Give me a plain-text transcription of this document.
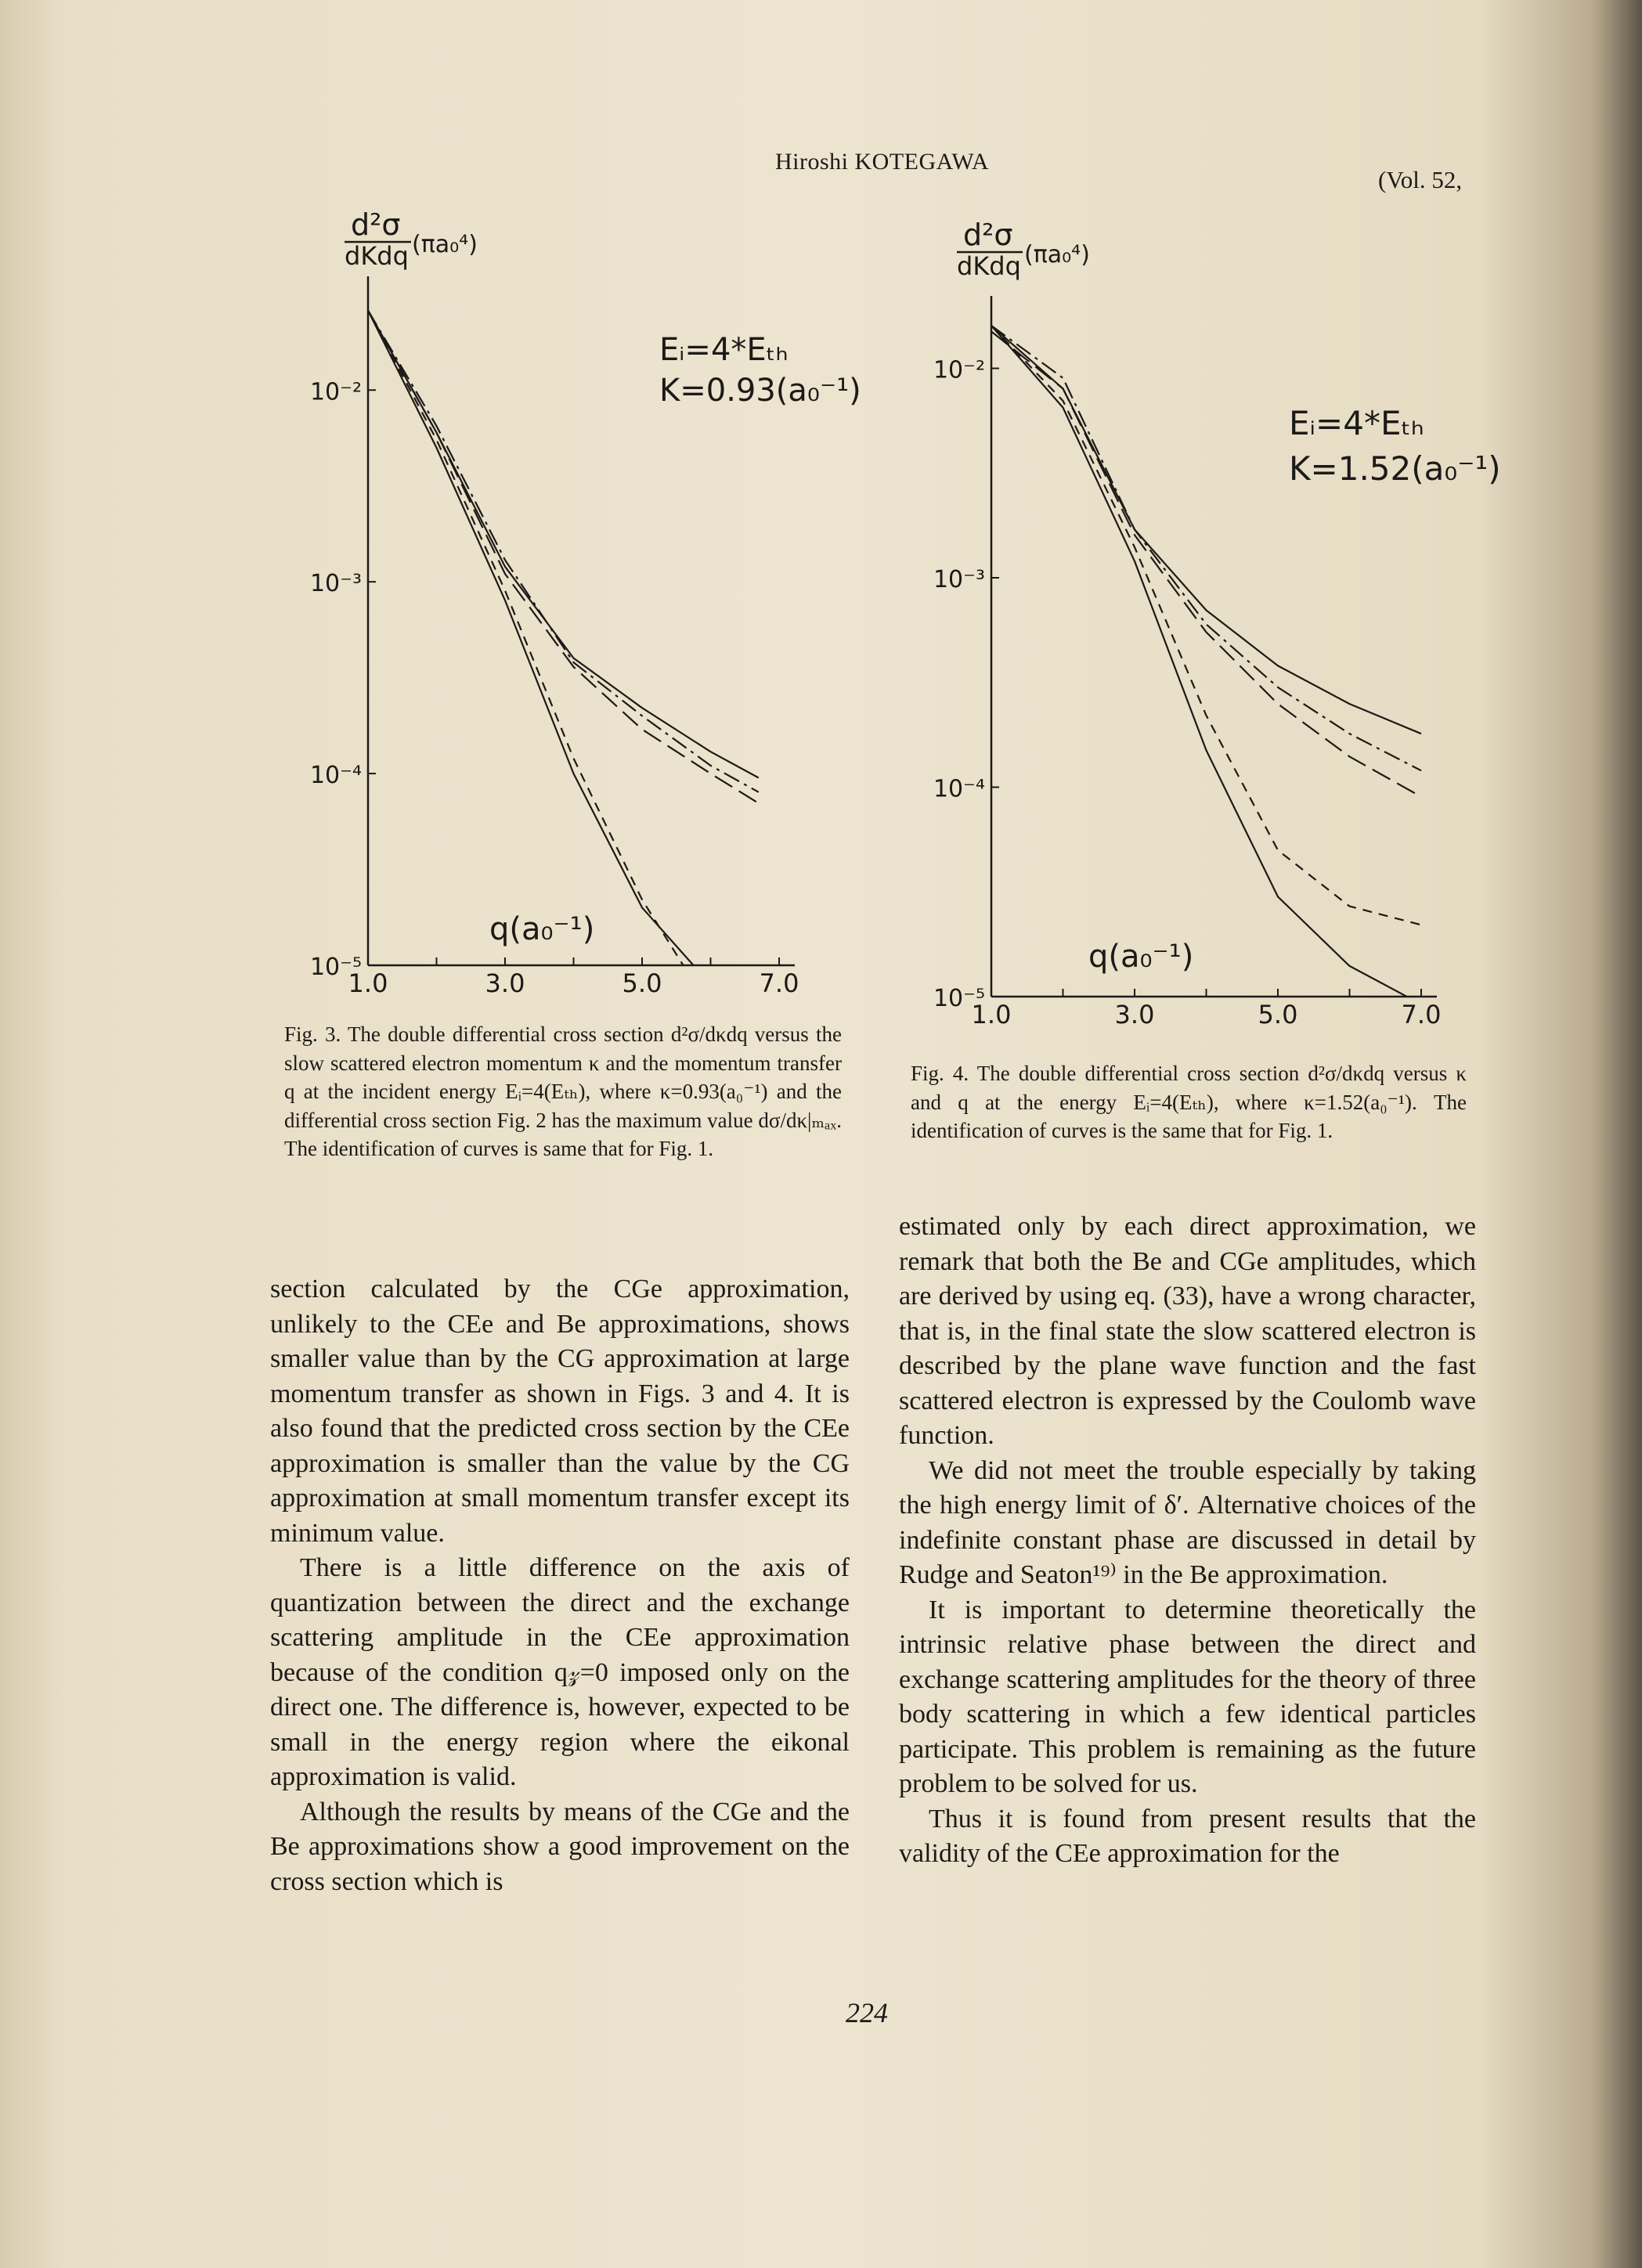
Hiroshi KOTEGAWA
(Vol. 52,
d²σ
dKdq (πa₀⁴)
Eᵢ=4*Eₜₕ
K=0.93(a₀⁻¹)
q(a₀⁻¹)
10⁻²
10⁻³
10⁻⁴
10⁻⁵
1.0	3.0	5.0	7.0
Fig. 3. The double differential cross section d²σ/dκdq versus the slow scattered electron momentum κ and the momentum transfer q at the incident energy Eᵢ=4(Eₜₕ), where κ=0.93(a₀⁻¹) and the differential cross section Fig. 2 has the maximum value dσ/dκ|ₘₐₓ. The identification of curves is same that for Fig. 1.
d²σ
dKdq (πa₀⁴)
Eᵢ=4*Eₜₕ
K=1.52(a₀⁻¹)
q(a₀⁻¹)
10⁻²
10⁻³
10⁻⁴
10⁻⁵
1.0	3.0	5.0	7.0
Fig. 4. The double differential cross section d²σ/dκdq versus κ and q at the energy Eᵢ=4(Eₜₕ), where κ=1.52(a₀⁻¹). The identification of curves is the same that for Fig. 1.

section calculated by the CGe approximation, unlikely to the CEe and Be approximations, shows smaller value than by the CG approximation at large momentum transfer as shown in Figs. 3 and 4. It is also found that the predicted cross section by the CEe approximation is smaller than the value by the CG approximation at small momentum transfer except its minimum value.

There is a little difference on the axis of quantization between the direct and the exchange scattering amplitude in the CEe approximation because of the condition q𝓏=0 imposed only on the direct one. The difference is, however, expected to be small in the energy region where the eikonal approximation is valid.

Although the results by means of the CGe and the Be approximations show a good improvement on the cross section which is

estimated only by each direct approximation, we remark that both the Be and CGe amplitudes, which are derived by using eq. (33), have a wrong character, that is, in the final state the slow scattered electron is described by the plane wave function and the fast scattered electron is expressed by the Coulomb wave function.

We did not meet the trouble especially by taking the high energy limit of δ′. Alternative choices of the indefinite constant phase are discussed in detail by Rudge and Seaton¹⁹⁾ in the Be approximation.

It is important to determine theoretically the intrinsic relative phase between the direct and exchange scattering amplitudes for the theory of three body scattering in which a few identical particles participate. This problem is remaining as the future problem to be solved for us.

Thus it is found from present results that the validity of the CEe approximation for the

224
